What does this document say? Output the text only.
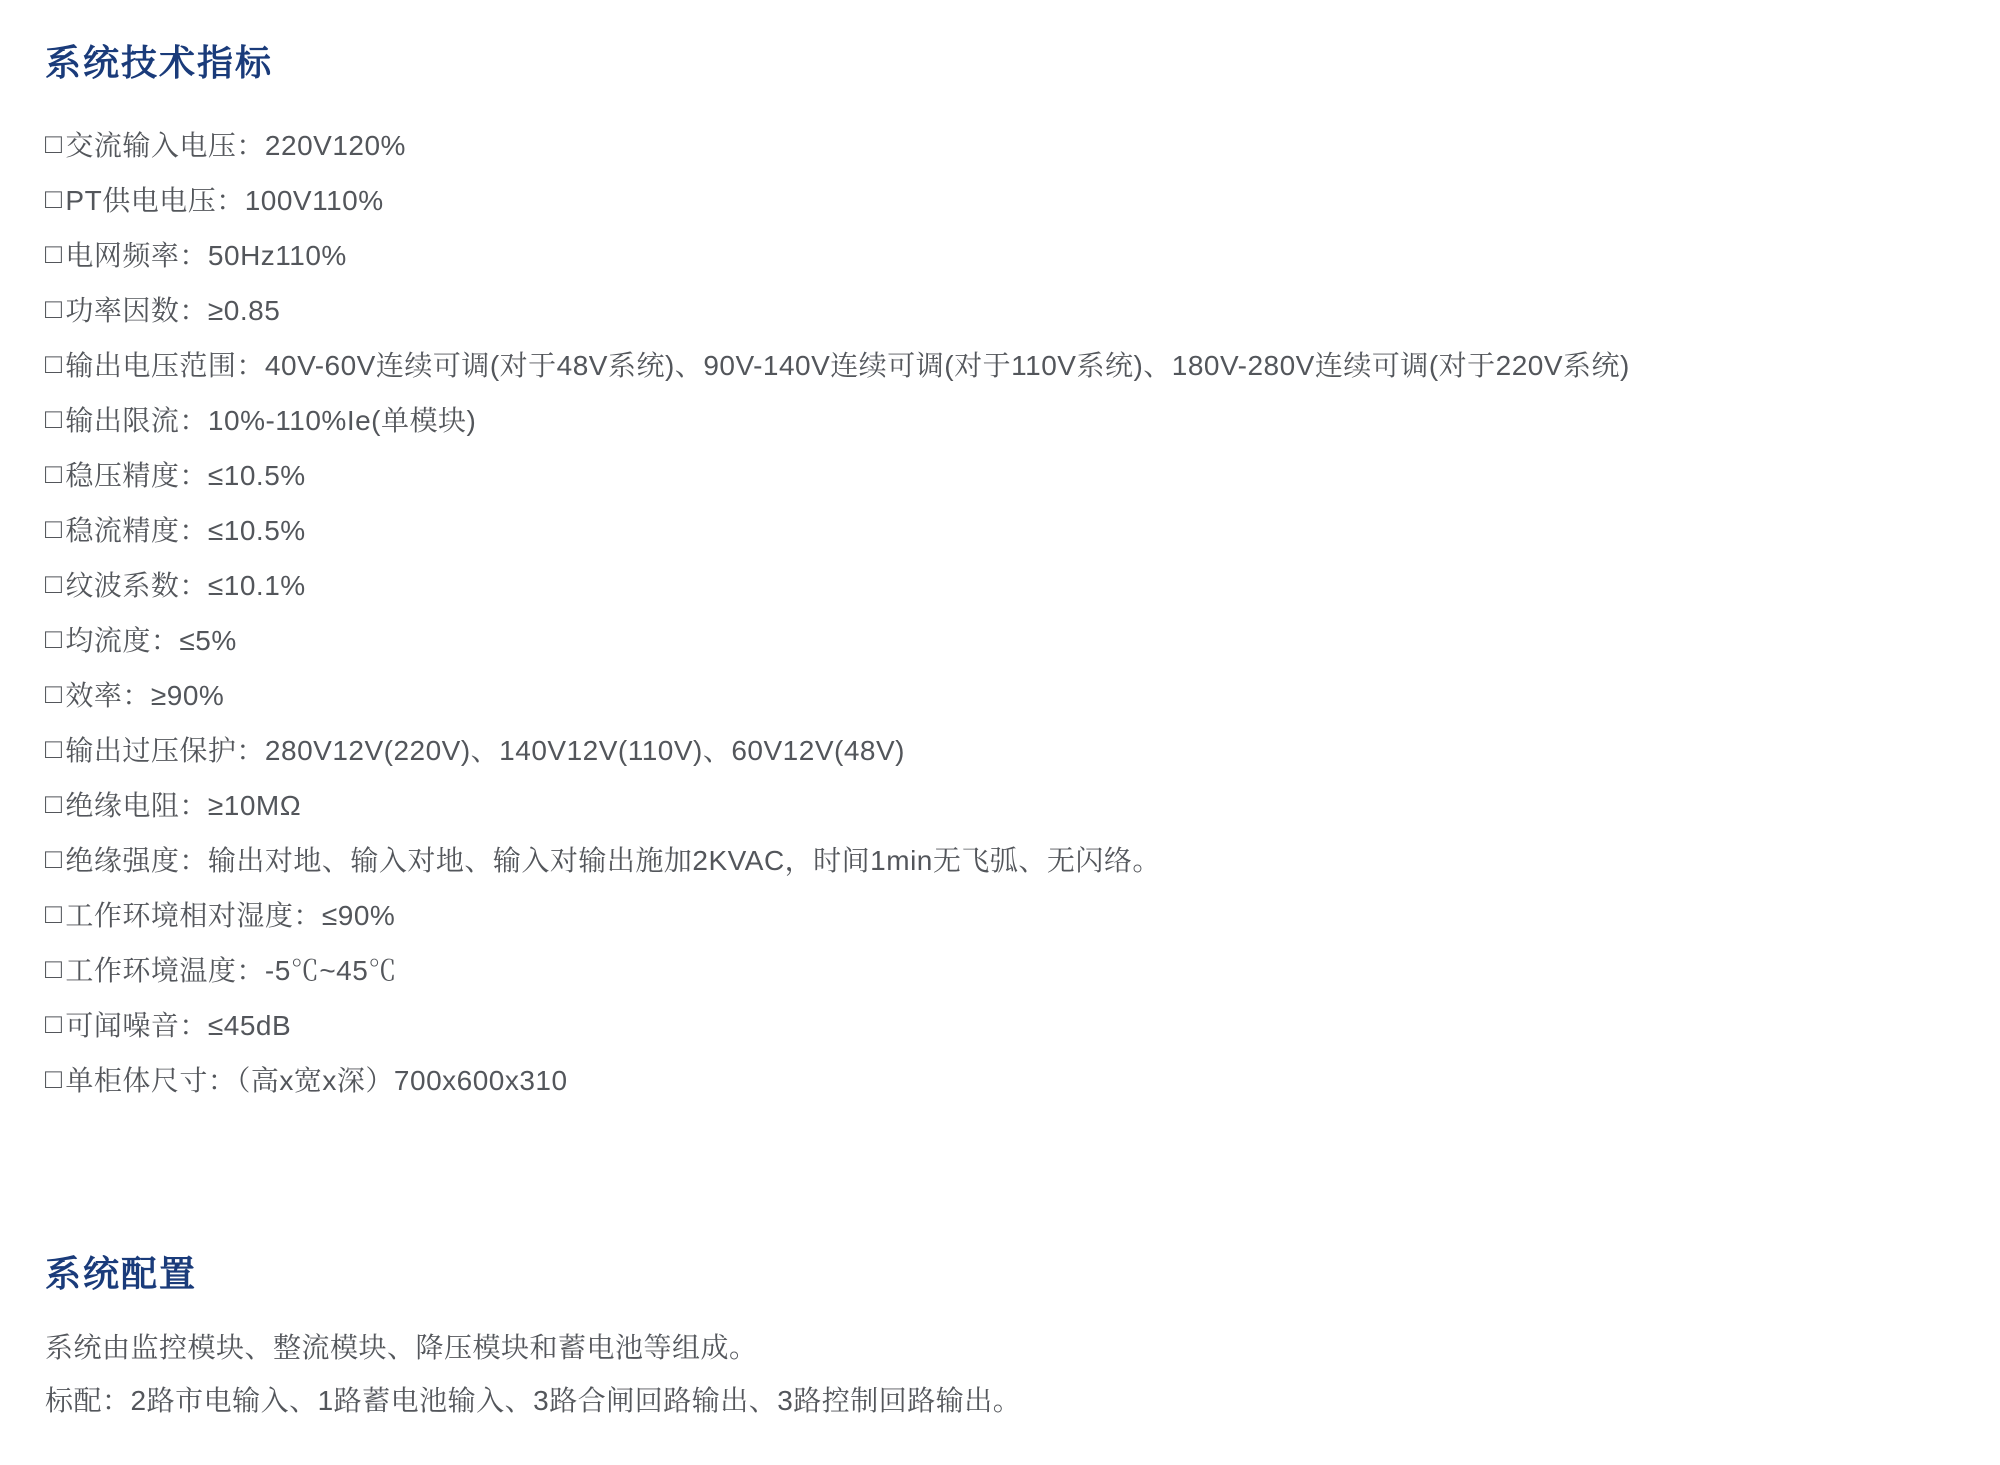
系统技术指标
□ 交流输入电压：220V120%
□ PT供电电压：100V110%
□ 电网频率：50Hz110%
□ 功率因数：≥0.85
□ 输出电压范围：40V-60V连续可调(对于48V系统)、90V-140V连续可调(对于110V系统)、180V-280V连续可调(对于220V系统)
□ 输出限流：10%-110%Ie(单模块)
□ 稳压精度：≤10.5%
□ 稳流精度：≤10.5%
□ 纹波系数：≤10.1%
□ 均流度：≤5%
□ 效率：≥90%
□ 输出过压保护：280V12V(220V)、140V12V(110V)、60V12V(48V)
□ 绝缘电阻：≥10MΩ
□ 绝缘强度：输出对地、输入对地、输入对输出施加2KVAC，时间1min无飞弧、无闪络。
□ 工作环境相对湿度：≤90%
□ 工作环境温度：-5℃~45℃
□ 可闻噪音：≤45dB
□ 单柜体尺寸：（高x宽x深）700x600x310
系统配置

系统由监控模块、整流模块、降压模块和蓄电池等组成。

标配：2路市电输入、1路蓄电池输入、3路合闸回路输出、3路控制回路输出。
